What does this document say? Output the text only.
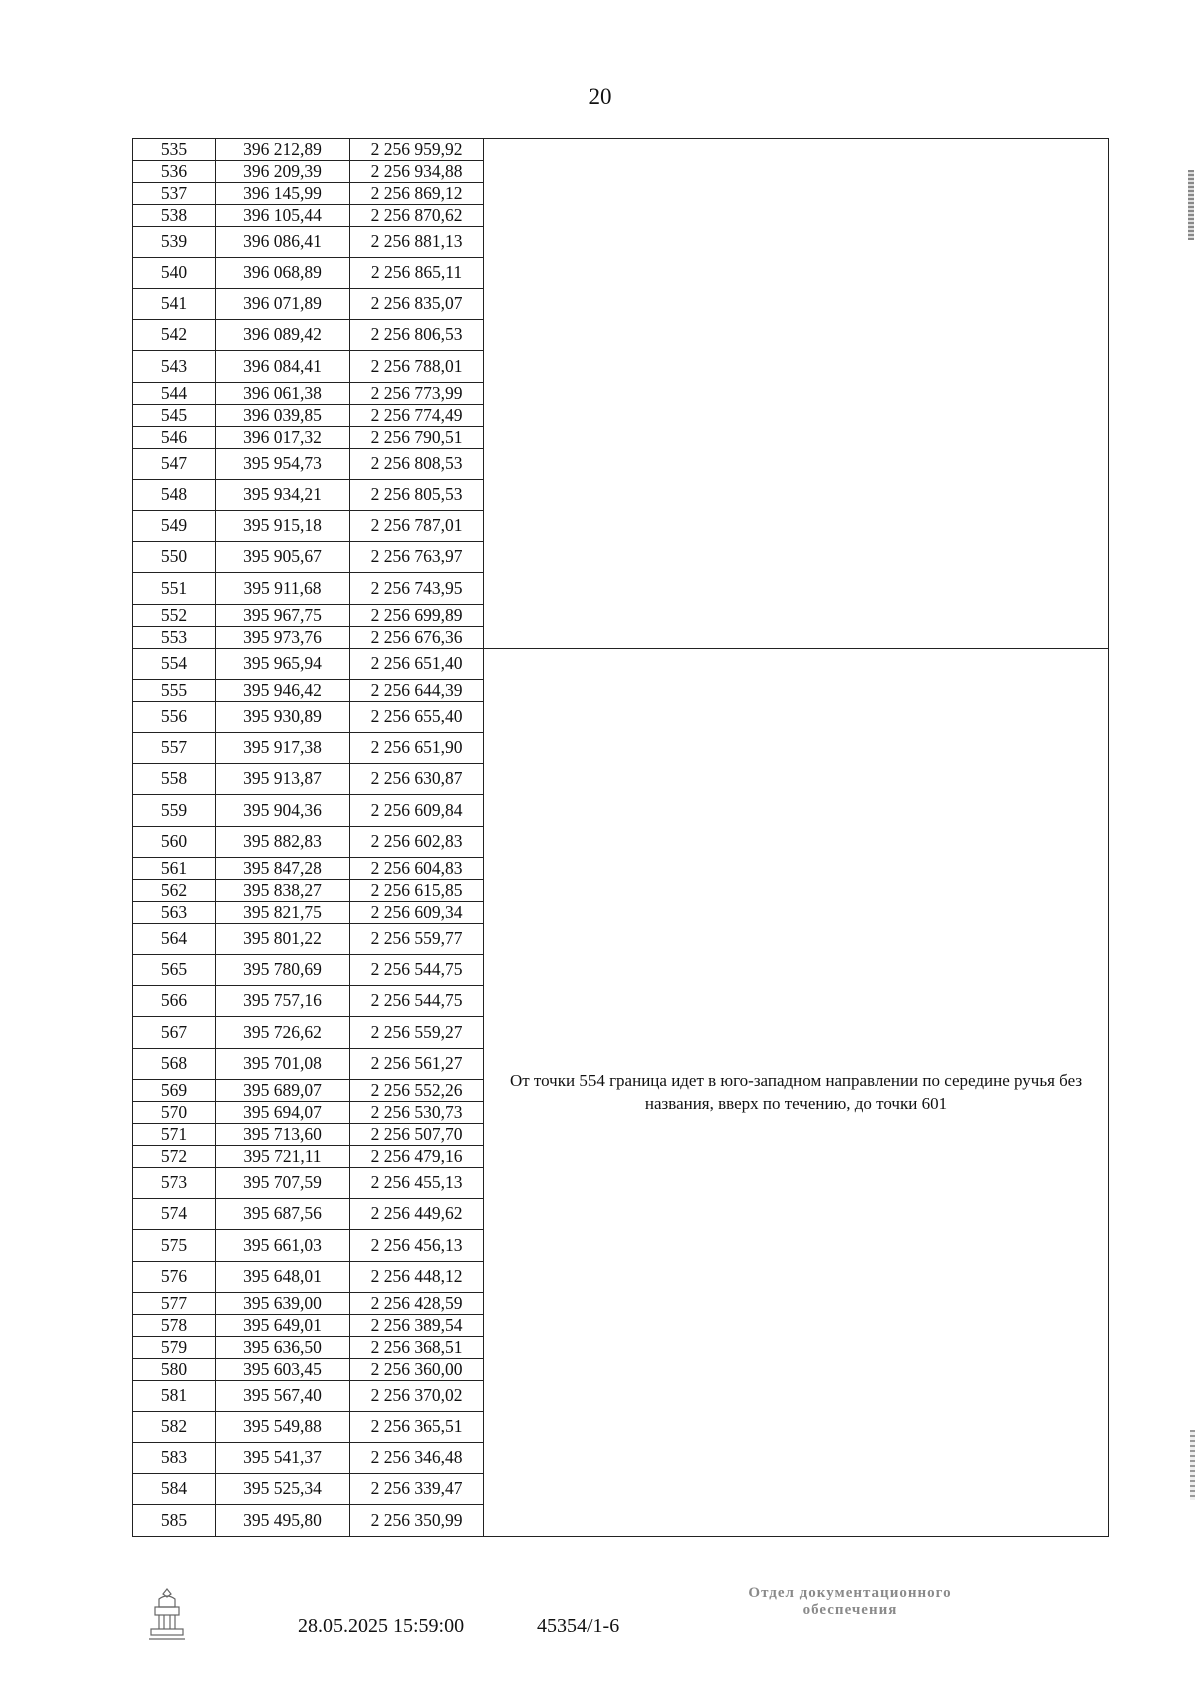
20
535	396 212,89	2 256 959,92	
536	396 209,39	2 256 934,88	
537	396 145,99	2 256 869,12	
538	396 105,44	2 256 870,62	
539	396 086,41	2 256 881,13	
540	396 068,89	2 256 865,11	
541	396 071,89	2 256 835,07	
542	396 089,42	2 256 806,53	
543	396 084,41	2 256 788,01	
544	396 061,38	2 256 773,99	
545	396 039,85	2 256 774,49	
546	396 017,32	2 256 790,51	
547	395 954,73	2 256 808,53	
548	395 934,21	2 256 805,53	
549	395 915,18	2 256 787,01	
550	395 905,67	2 256 763,97	
551	395 911,68	2 256 743,95	
552	395 967,75	2 256 699,89	
553	395 973,76	2 256 676,36	
554	395 965,94	2 256 651,40	От точки 554 граница идет в юго-западном направлении по середине ручья без названия, вверх по течению, до точки 601
555	395 946,42	2 256 644,39	
556	395 930,89	2 256 655,40	
557	395 917,38	2 256 651,90	
558	395 913,87	2 256 630,87	
559	395 904,36	2 256 609,84	
560	395 882,83	2 256 602,83	
561	395 847,28	2 256 604,83	
562	395 838,27	2 256 615,85	
563	395 821,75	2 256 609,34	
564	395 801,22	2 256 559,77	
565	395 780,69	2 256 544,75	
566	395 757,16	2 256 544,75	
567	395 726,62	2 256 559,27	
568	395 701,08	2 256 561,27	
569	395 689,07	2 256 552,26	
570	395 694,07	2 256 530,73	
571	395 713,60	2 256 507,70	
572	395 721,11	2 256 479,16	
573	395 707,59	2 256 455,13	
574	395 687,56	2 256 449,62	
575	395 661,03	2 256 456,13	
576	395 648,01	2 256 448,12	
577	395 639,00	2 256 428,59	
578	395 649,01	2 256 389,54	
579	395 636,50	2 256 368,51	
580	395 603,45	2 256 360,00	
581	395 567,40	2 256 370,02	
582	395 549,88	2 256 365,51	
583	395 541,37	2 256 346,48	
584	395 525,34	2 256 339,47	
585	395 495,80	2 256 350,99	
28.05.2025 15:59:00	45354/1-6
Отдел документационного
обеспечения
